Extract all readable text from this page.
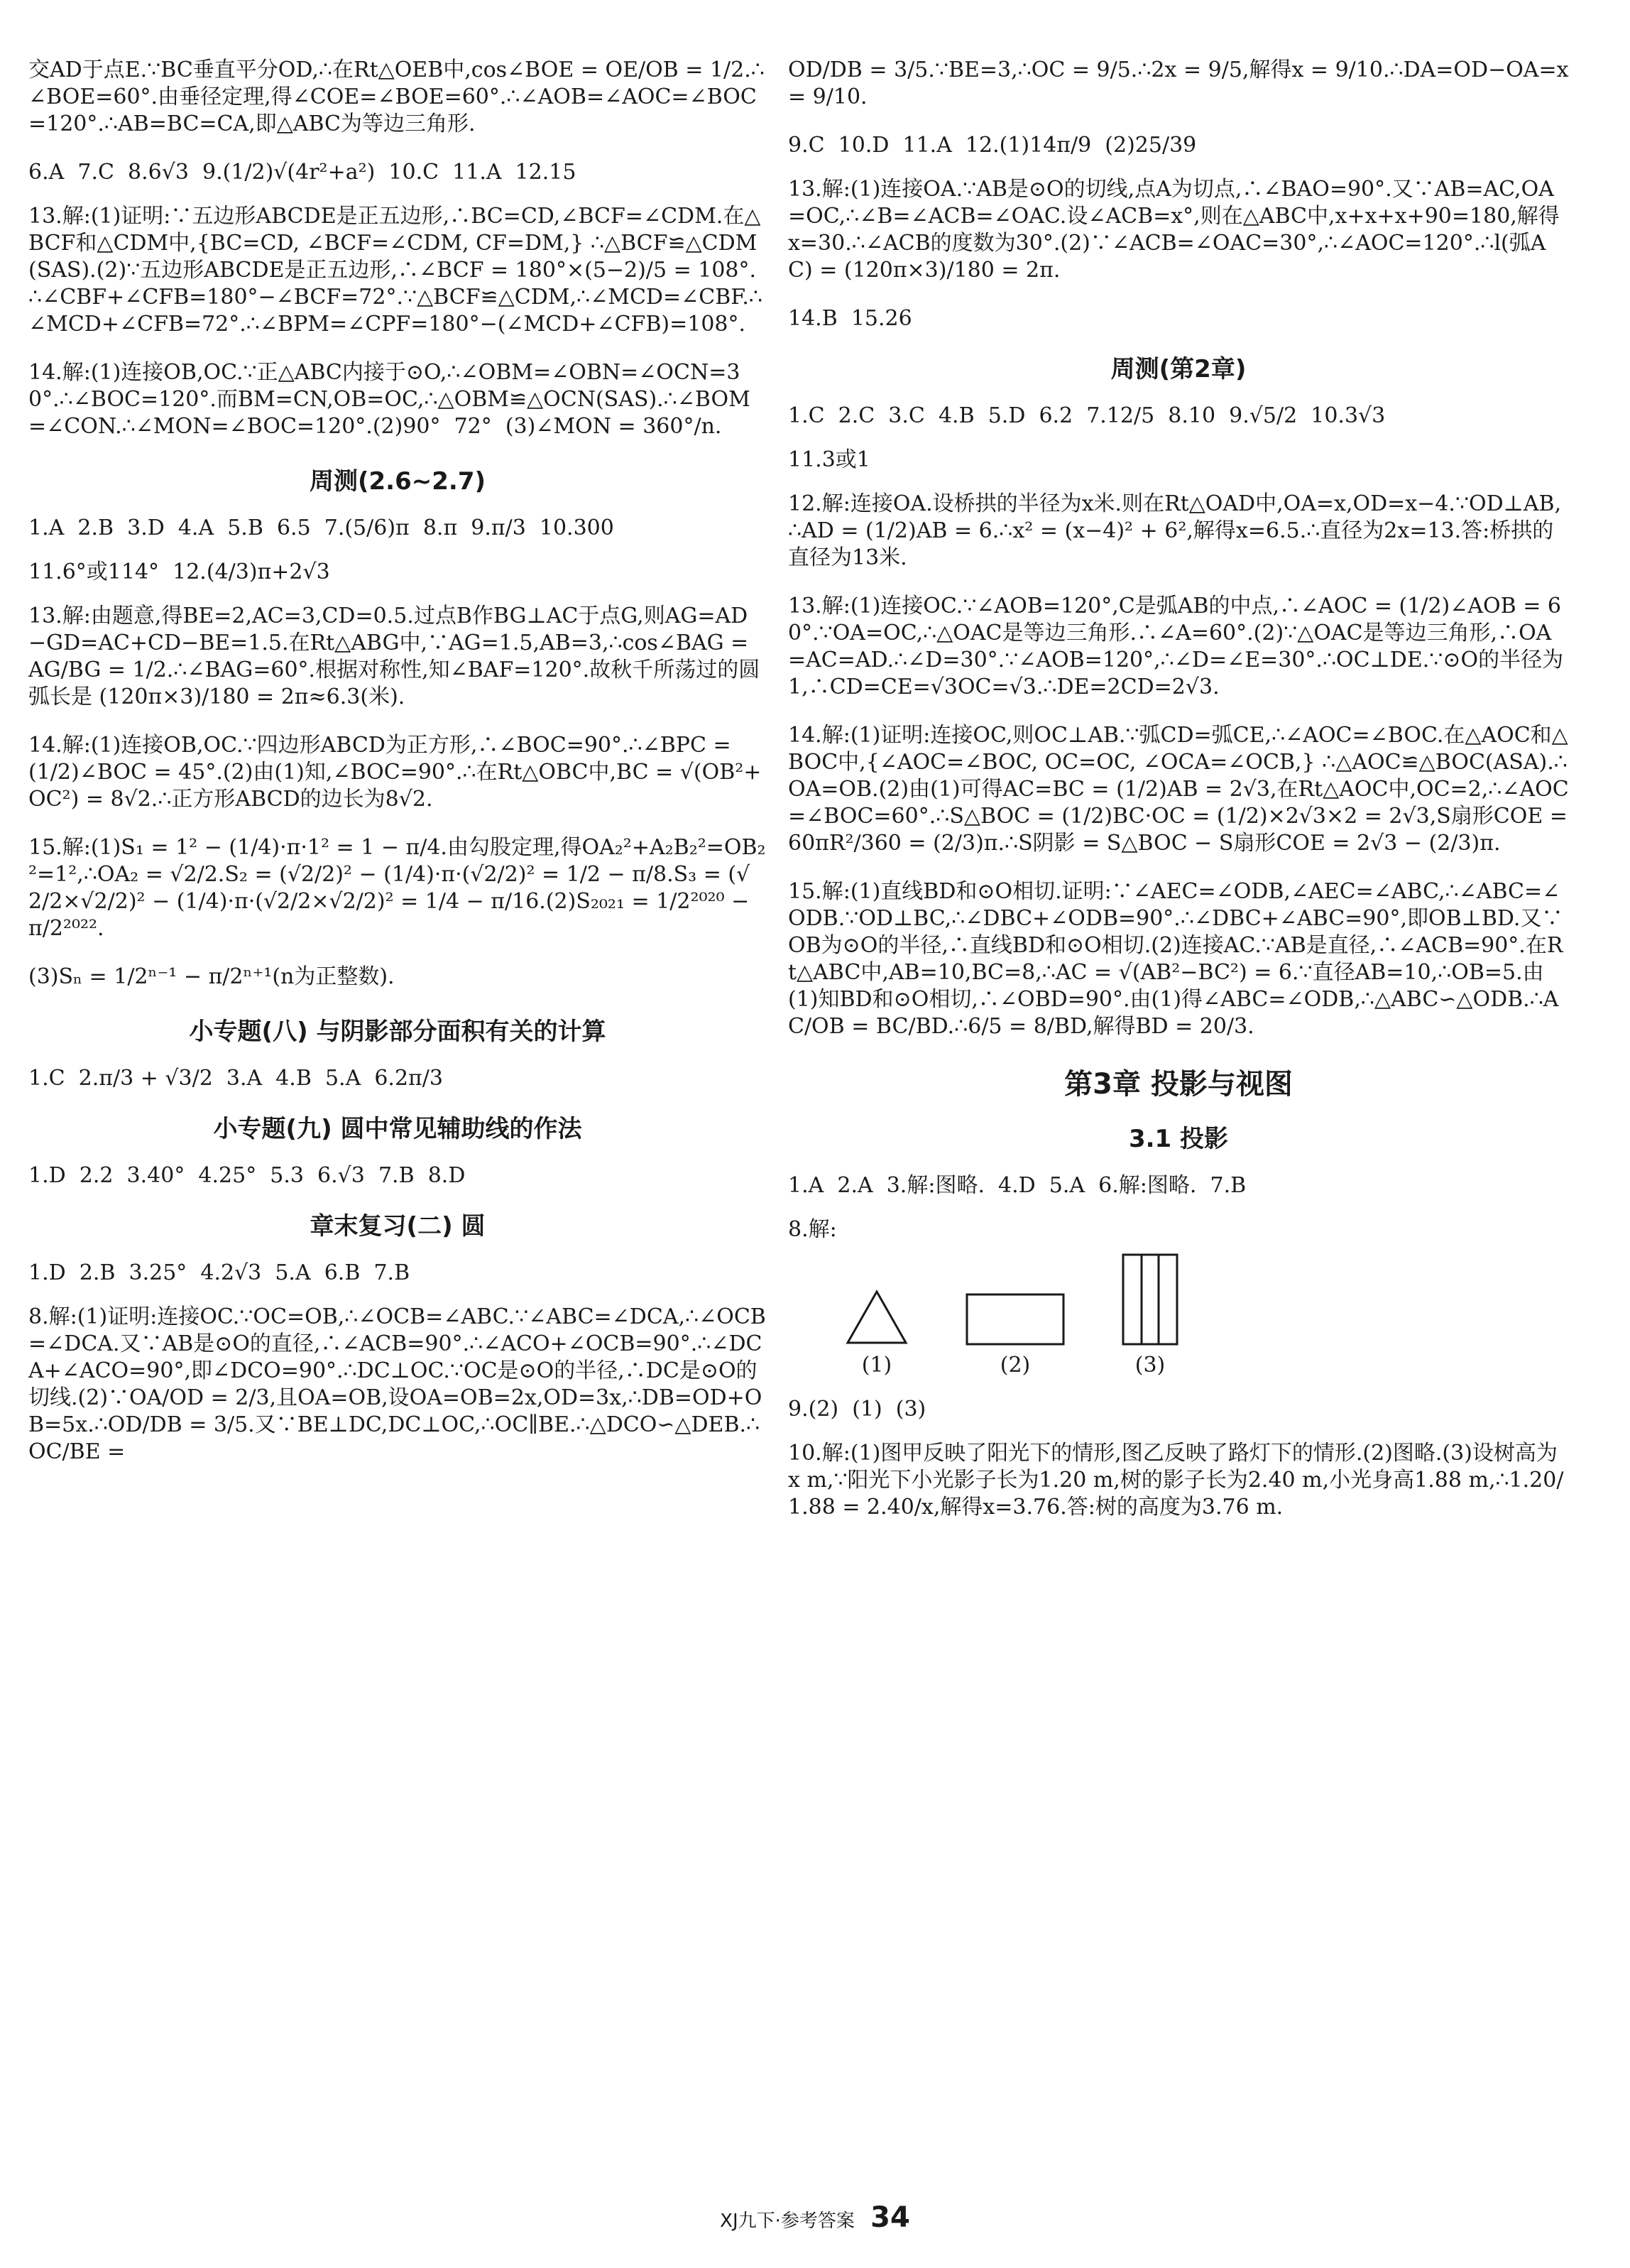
交AD于点E.∵BC垂直平分OD,∴在Rt△OEB中,cos∠BOE = OE/OB = 1/2.∴∠BOE=60°.由垂径定理,得∠COE=∠BOE=60°.∴∠AOB=∠AOC=∠BOC=120°.∴AB=BC=CA,即△ABC为等边三角形.

6.A  7.C  8.6√3  9.(1/2)√(4r²+a²)  10.C  11.A  12.15

13.解:(1)证明:∵五边形ABCDE是正五边形,∴BC=CD,∠BCF=∠CDM.在△BCF和△CDM中,{BC=CD, ∠BCF=∠CDM, CF=DM,} ∴△BCF≌△CDM(SAS).(2)∵五边形ABCDE是正五边形,∴∠BCF = 180°×(5−2)/5 = 108°.∴∠CBF+∠CFB=180°−∠BCF=72°.∵△BCF≌△CDM,∴∠MCD=∠CBF.∴∠MCD+∠CFB=72°.∴∠BPM=∠CPF=180°−(∠MCD+∠CFB)=108°.

14.解:(1)连接OB,OC.∵正△ABC内接于⊙O,∴∠OBM=∠OBN=∠OCN=30°.∴∠BOC=120°.而BM=CN,OB=OC,∴△OBM≌△OCN(SAS).∴∠BOM=∠CON.∴∠MON=∠BOC=120°.(2)90°  72°  (3)∠MON = 360°/n.

周测(2.6~2.7)

1.A  2.B  3.D  4.A  5.B  6.5  7.(5/6)π  8.π  9.π/3  10.300

11.6°或114°  12.(4/3)π+2√3

13.解:由题意,得BE=2,AC=3,CD=0.5.过点B作BG⊥AC于点G,则AG=AD−GD=AC+CD−BE=1.5.在Rt△ABG中,∵AG=1.5,AB=3,∴cos∠BAG = AG/BG = 1/2.∴∠BAG=60°.根据对称性,知∠BAF=120°.故秋千所荡过的圆弧长是 (120π×3)/180 = 2π≈6.3(米).

14.解:(1)连接OB,OC.∵四边形ABCD为正方形,∴∠BOC=90°.∴∠BPC = (1/2)∠BOC = 45°.(2)由(1)知,∠BOC=90°.∴在Rt△OBC中,BC = √(OB²+OC²) = 8√2.∴正方形ABCD的边长为8√2.

15.解:(1)S₁ = 1² − (1/4)·π·1² = 1 − π/4.由勾股定理,得OA₂²+A₂B₂²=OB₂²=1²,∴OA₂ = √2/2.S₂ = (√2/2)² − (1/4)·π·(√2/2)² = 1/2 − π/8.S₃ = (√2/2×√2/2)² − (1/4)·π·(√2/2×√2/2)² = 1/4 − π/16.(2)S₂₀₂₁ = 1/2²⁰²⁰ − π/2²⁰²².

(3)Sₙ = 1/2ⁿ⁻¹ − π/2ⁿ⁺¹(n为正整数).

小专题(八) 与阴影部分面积有关的计算

1.C  2.π/3 + √3/2  3.A  4.B  5.A  6.2π/3

小专题(九) 圆中常见辅助线的作法

1.D  2.2  3.40°  4.25°  5.3  6.√3  7.B  8.D

章末复习(二) 圆

1.D  2.B  3.25°  4.2√3  5.A  6.B  7.B

8.解:(1)证明:连接OC.∵OC=OB,∴∠OCB=∠ABC.∵∠ABC=∠DCA,∴∠OCB=∠DCA.又∵AB是⊙O的直径,∴∠ACB=90°.∴∠ACO+∠OCB=90°.∴∠DCA+∠ACO=90°,即∠DCO=90°.∴DC⊥OC.∵OC是⊙O的半径,∴DC是⊙O的切线.(2)∵OA/OD = 2/3,且OA=OB,设OA=OB=2x,OD=3x,∴DB=OD+OB=5x.∴OD/DB = 3/5.又∵BE⊥DC,DC⊥OC,∴OC∥BE.∴△DCO∽△DEB.∴OC/BE =

OD/DB = 3/5.∵BE=3,∴OC = 9/5.∴2x = 9/5,解得x = 9/10.∴DA=OD−OA=x = 9/10.

9.C  10.D  11.A  12.(1)14π/9  (2)25/39

13.解:(1)连接OA.∵AB是⊙O的切线,点A为切点,∴∠BAO=90°.又∵AB=AC,OA=OC,∴∠B=∠ACB=∠OAC.设∠ACB=x°,则在△ABC中,x+x+x+90=180,解得x=30.∴∠ACB的度数为30°.(2)∵∠ACB=∠OAC=30°,∴∠AOC=120°.∴l(弧AC) = (120π×3)/180 = 2π.

14.B  15.26

周测(第2章)

1.C  2.C  3.C  4.B  5.D  6.2  7.12/5  8.10  9.√5/2  10.3√3

11.3或1

12.解:连接OA.设桥拱的半径为x米.则在Rt△OAD中,OA=x,OD=x−4.∵OD⊥AB,∴AD = (1/2)AB = 6.∴x² = (x−4)² + 6²,解得x=6.5.∴直径为2x=13.答:桥拱的直径为13米.

13.解:(1)连接OC.∵∠AOB=120°,C是弧AB的中点,∴∠AOC = (1/2)∠AOB = 60°.∵OA=OC,∴△OAC是等边三角形.∴∠A=60°.(2)∵△OAC是等边三角形,∴OA=AC=AD.∴∠D=30°.∵∠AOB=120°,∴∠D=∠E=30°.∴OC⊥DE.∵⊙O的半径为1,∴CD=CE=√3OC=√3.∴DE=2CD=2√3.

14.解:(1)证明:连接OC,则OC⊥AB.∵弧CD=弧CE,∴∠AOC=∠BOC.在△AOC和△BOC中,{∠AOC=∠BOC, OC=OC, ∠OCA=∠OCB,} ∴△AOC≌△BOC(ASA).∴OA=OB.(2)由(1)可得AC=BC = (1/2)AB = 2√3,在Rt△AOC中,OC=2,∴∠AOC=∠BOC=60°.∴S△BOC = (1/2)BC·OC = (1/2)×2√3×2 = 2√3,S扇形COE = 60πR²/360 = (2/3)π.∴S阴影 = S△BOC − S扇形COE = 2√3 − (2/3)π.

15.解:(1)直线BD和⊙O相切.证明:∵∠AEC=∠ODB,∠AEC=∠ABC,∴∠ABC=∠ODB.∵OD⊥BC,∴∠DBC+∠ODB=90°.∴∠DBC+∠ABC=90°,即OB⊥BD.又∵OB为⊙O的半径,∴直线BD和⊙O相切.(2)连接AC.∵AB是直径,∴∠ACB=90°.在Rt△ABC中,AB=10,BC=8,∴AC = √(AB²−BC²) = 6.∵直径AB=10,∴OB=5.由(1)知BD和⊙O相切,∴∠OBD=90°.由(1)得∠ABC=∠ODB,∴△ABC∽△ODB.∴AC/OB = BC/BD.∴6/5 = 8/BD,解得BD = 20/3.

第3章 投影与视图
3.1 投影

1.A  2.A  3.解:图略.  4.D  5.A  6.解:图略.  7.B

8.解:

(1)	(2)	(3)

9.(2)  (1)  (3)

10.解:(1)图甲反映了阳光下的情形,图乙反映了路灯下的情形.(2)图略.(3)设树高为x m,∵阳光下小光影子长为1.20 m,树的影子长为2.40 m,小光身高1.88 m,∴1.20/1.88 = 2.40/x,解得x=3.76.答:树的高度为3.76 m.

XJ九下·参考答案 34
